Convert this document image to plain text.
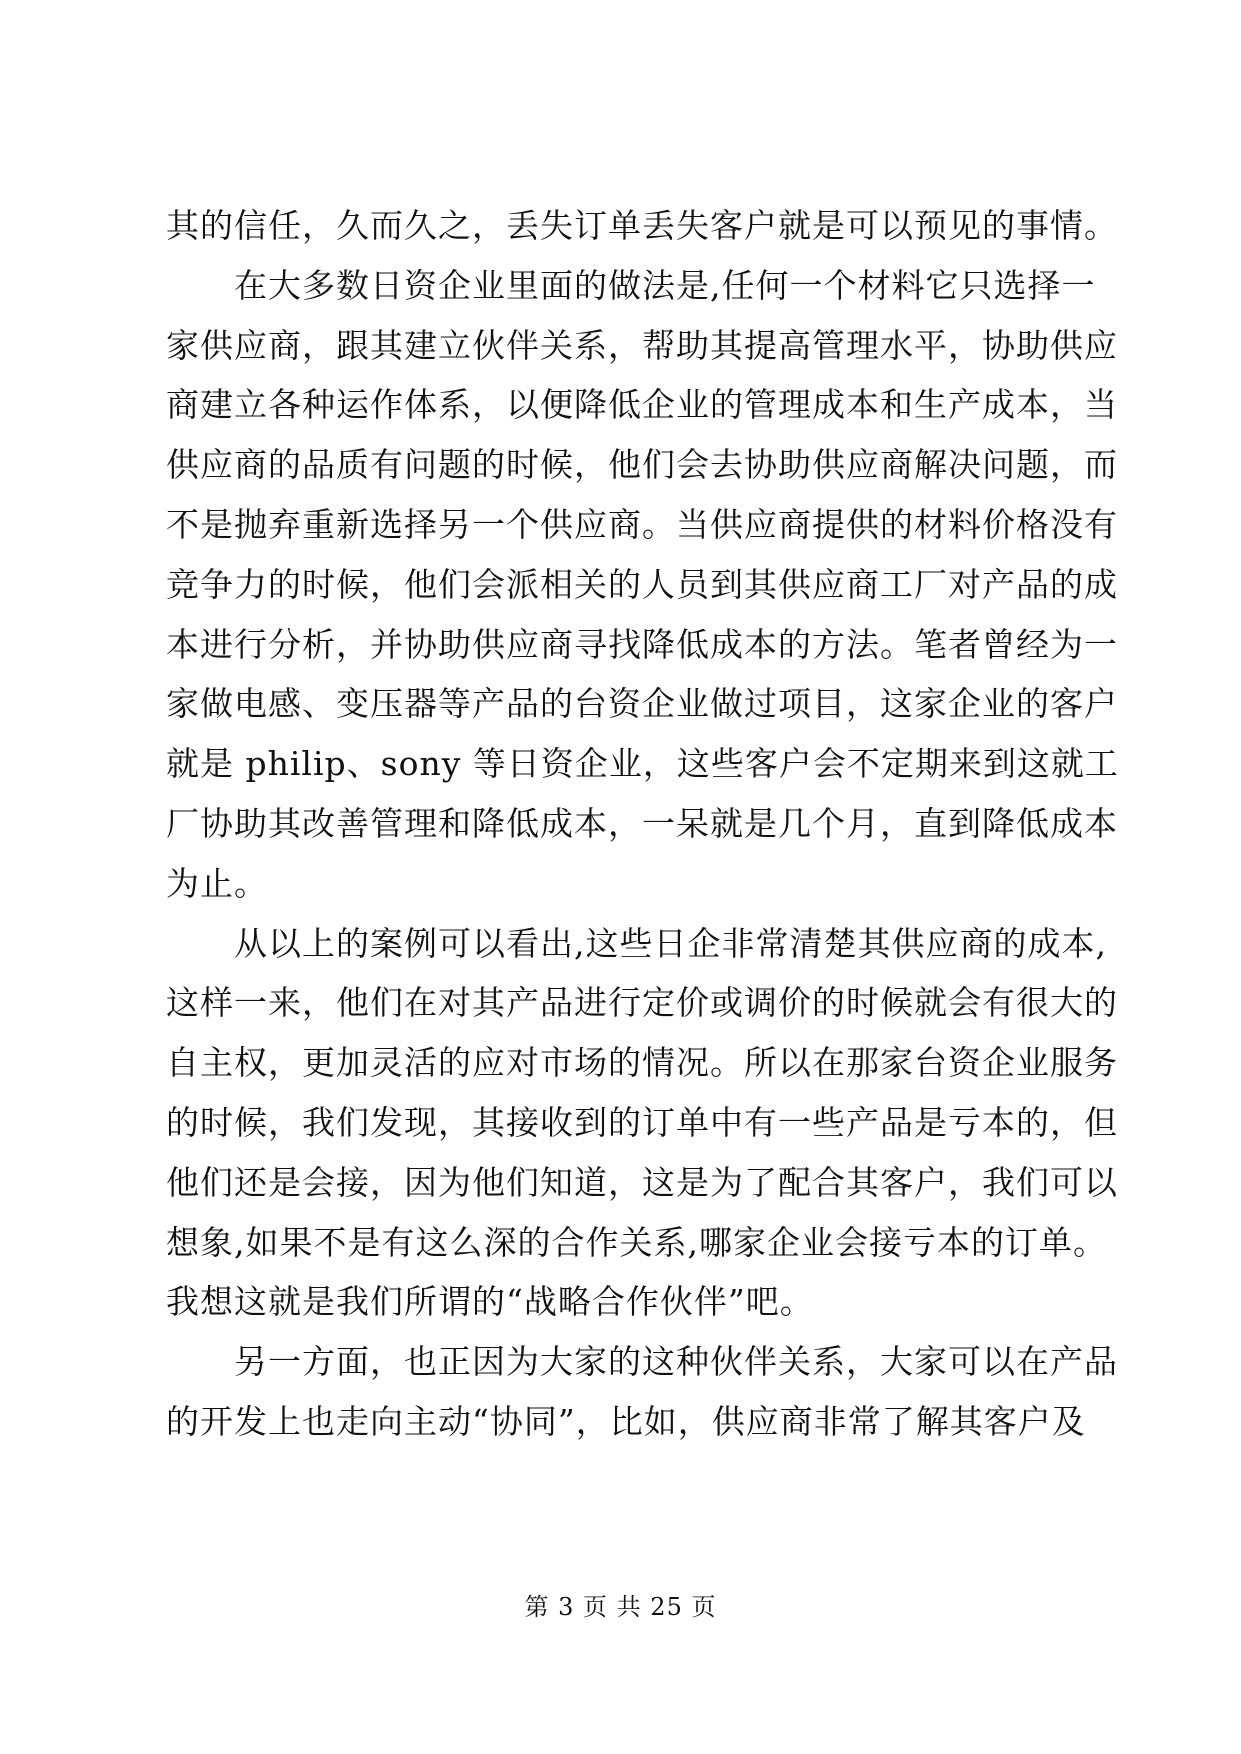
其的信任，久而久之，丢失订单丢失客户就是可以预见的事情。
在大多数日资企业里面的做法是,任何一个材料它只选择一
家供应商，跟其建立伙伴关系，帮助其提高管理水平，协助供应
商建立各种运作体系，以便降低企业的管理成本和生产成本，当
供应商的品质有问题的时候，他们会去协助供应商解决问题，而
不是抛弃重新选择另一个供应商。当供应商提供的材料价格没有
竞争力的时候，他们会派相关的人员到其供应商工厂对产品的成
本进行分析，并协助供应商寻找降低成本的方法。笔者曾经为一
家做电感、变压器等产品的台资企业做过项目，这家企业的客户
就是 philip、sony 等日资企业，这些客户会不定期来到这就工
厂协助其改善管理和降低成本，一呆就是几个月，直到降低成本
为止。
从以上的案例可以看出,这些日企非常清楚其供应商的成本,
这样一来，他们在对其产品进行定价或调价的时候就会有很大的
自主权，更加灵活的应对市场的情况。所以在那家台资企业服务
的时候，我们发现，其接收到的订单中有一些产品是亏本的，但
他们还是会接，因为他们知道，这是为了配合其客户，我们可以
想象,如果不是有这么深的合作关系,哪家企业会接亏本的订单。
我想这就是我们所谓的“战略合作伙伴”吧。
另一方面，也正因为大家的这种伙伴关系，大家可以在产品
的开发上也走向主动“协同”，比如，供应商非常了解其客户及
第 3 页 共 25 页
